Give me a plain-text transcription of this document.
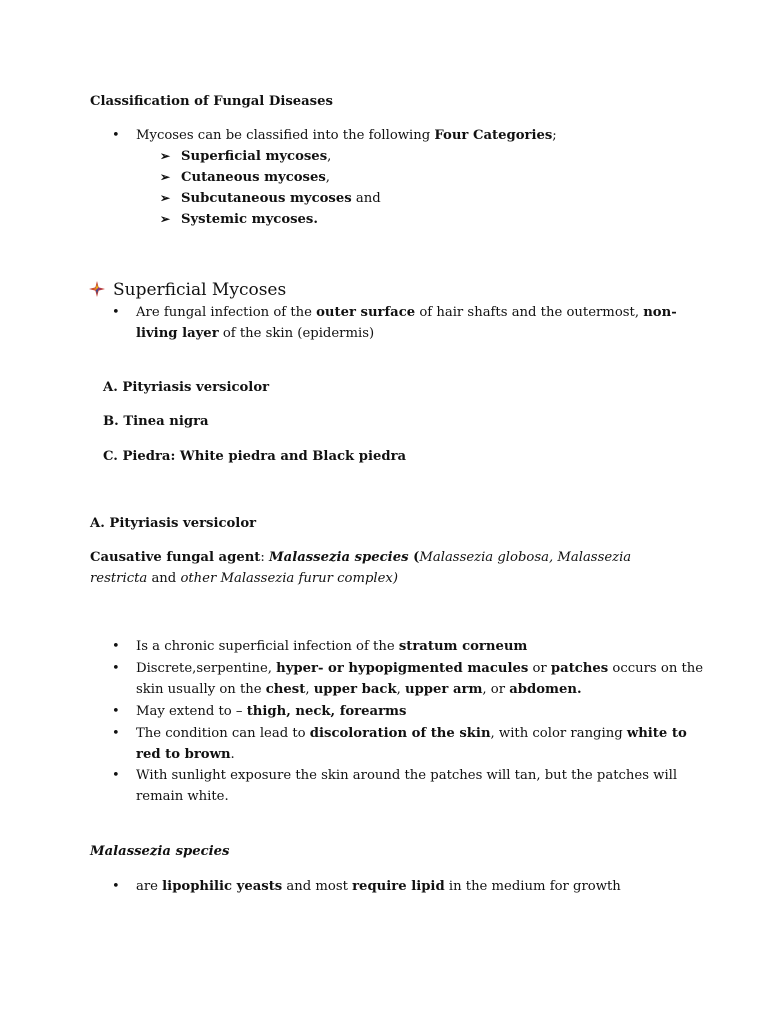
Classification of Fungal Diseases
• Mycoses can be classified into the following Four Categories;
➢ Superficial mycoses,
➢ Cutaneous mycoses,
➢ Subcutaneous mycoses and
➢ Systemic mycoses.
Superficial Mycoses
• Are fungal infection of the outer surface of hair shafts and the outermost, non-
living layer of the skin (epidermis)
A. Pityriasis versicolor
B. Tinea nigra
C. Piedra: White piedra and Black piedra
A. Pityriasis versicolor
Causative fungal agent: Malassezia species (Malassezia globosa, Malassezia
restricta and other Malassezia furur complex)
• Is a chronic superficial infection of the stratum corneum
• Discrete,serpentine, hyper- or hypopigmented macules or patches occurs on the
skin usually on the chest, upper back, upper arm, or abdomen.
• May extend to – thigh, neck, forearms
• The condition can lead to discoloration of the skin, with color ranging white to
red to brown.
• With sunlight exposure the skin around the patches will tan, but the patches will
remain white.
Malassezia species
• are lipophilic yeasts and most require lipid in the medium for growth
